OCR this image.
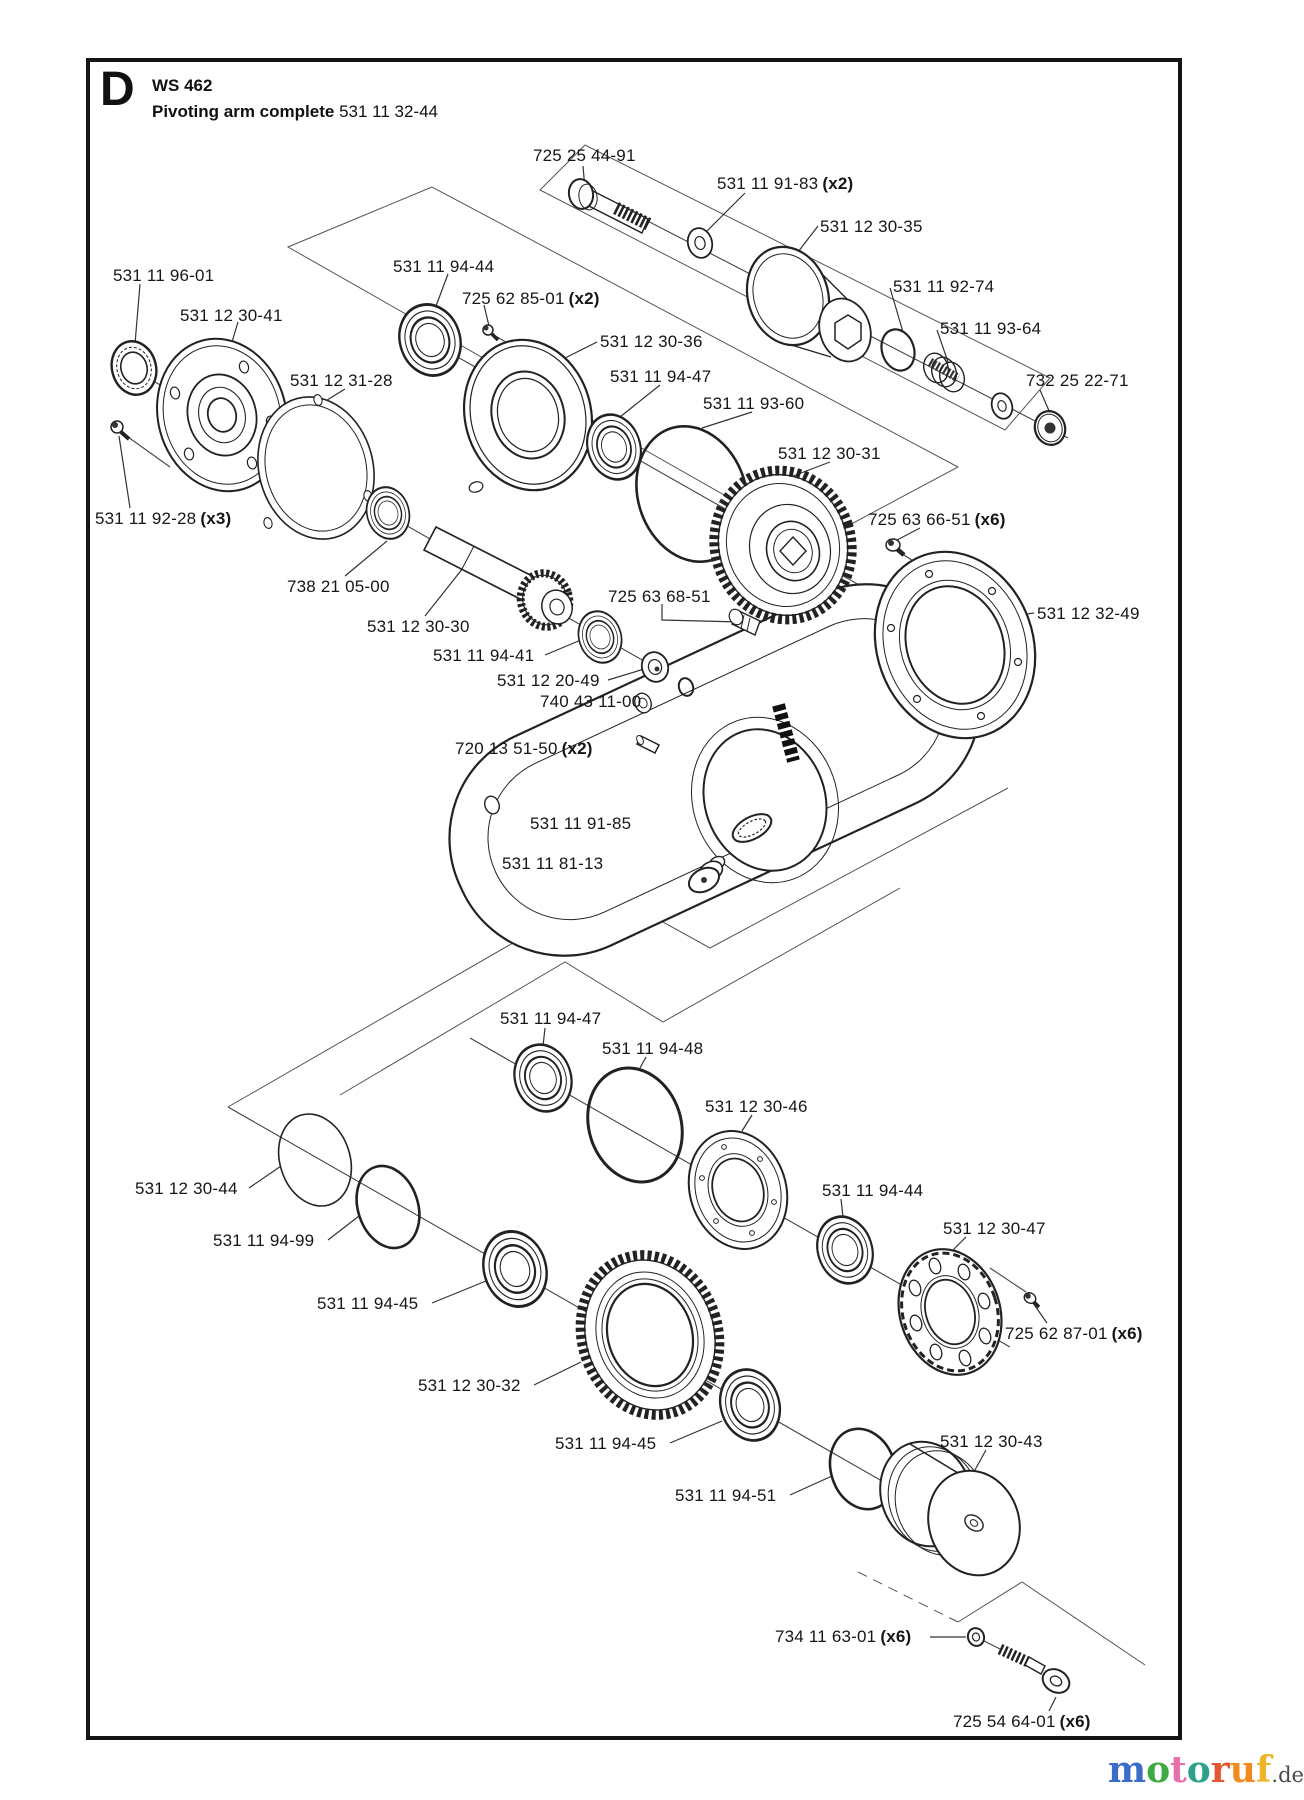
D WS 462
Pivoting arm complete 531 11 32-44
725 25 44-91
531 11 91-83 (x2)
531 12 30-35
531 11 92-74
531 11 93-64
732 25 22-71
531 11 96-01
531 12 30-41
531 11 94-44
725 62 85-01 (x2)
531 12 30-36
531 12 31-28	531 11 94-47
531 11 93-60
531 12 30-31
725 63 66-51 (x6)
531 11 92-28 (x3)
738 21 05-00
531 12 30-30
531 11 94-41
531 12 20-49
740 43 11-00
725 63 68-51
531 12 32-49
720 13 51-50 (x2)
531 11 91-85
531 11 81-13
531 11 94-47
531 11 94-48
531 12 30-46
531 12 30-44
531 11 94-99
531 11 94-44
531 12 30-47
531 11 94-45
725 62 87-01 (x6)
531 12 30-32
531 11 94-45	531 12 30-43
531 11 94-51
734 11 63-01 (x6)
725 54 64-01 (x6)
motoruf.de
